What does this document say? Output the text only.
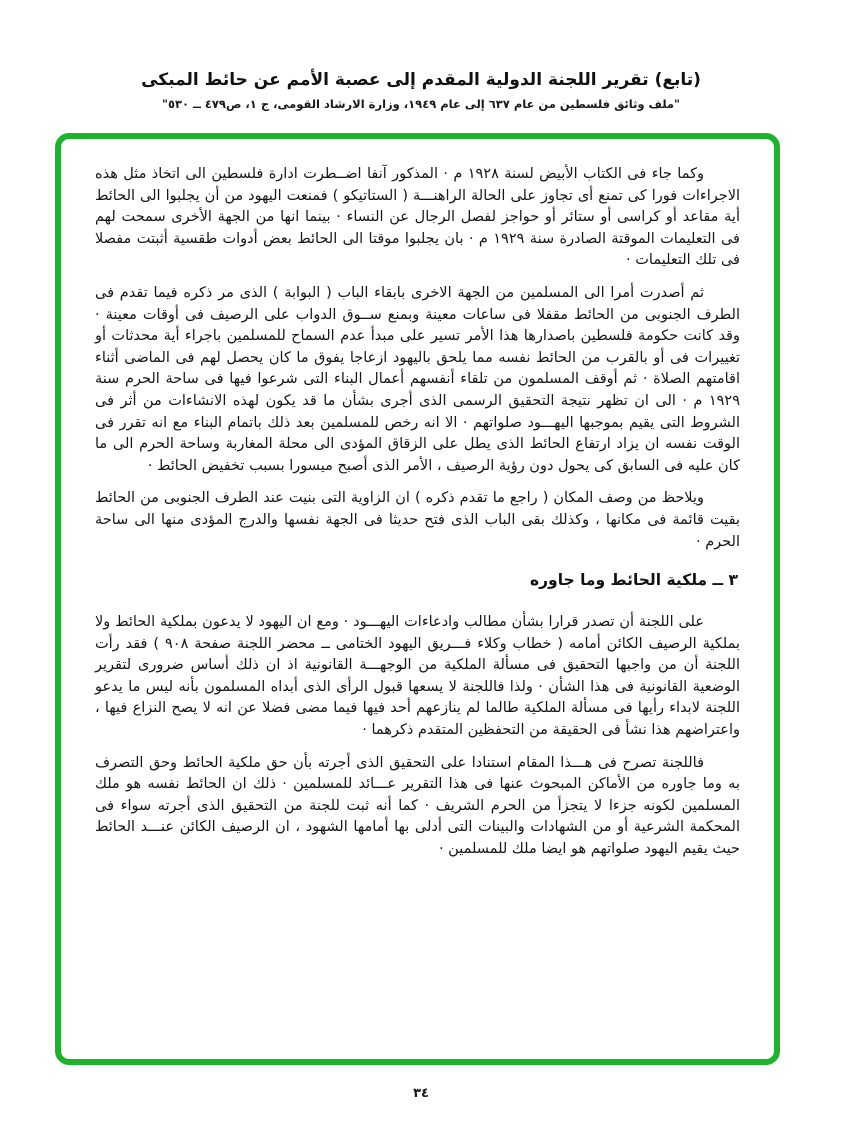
(تابع) تقرير اللجنة الدولية المقدم إلى عصبة الأمم عن حائط المبكى
"ملف وثائق فلسطين من عام ٦٣٧ إلى عام ١٩٤٩، وزارة الارشاد القومى، ج ١، ص٤٧٩ ــ ٥٣٠"

وكما جاء فى الكتاب الأبيض لسنة ١٩٢٨ م · المذكور آنفا اضــطرت ادارة فلسطين الى اتخاذ مثل هذه الاجراءات فورا كى تمنع أى تجاوز على الحالة الراهنـــة ( الستاتيكو ) فمنعت اليهود من أن يجلبوا الى الحائط أية مقاعد أو كراسى أو ستائر أو حواجز لفصل الرجال عن النساء · بينما انها من الجهة الأخرى سمحت لهم فى التعليمات الموقتة الصادرة سنة ١٩٢٩ م · بان يجلبوا موقتا الى الحائط بعض أدوات طقسية أثبتت مفصلا فى تلك التعليمات ·

ثم أصدرت أمرا الى المسلمين من الجهة الاخرى بابقاء الباب ( البوابة ) الذى مر ذكره فيما تقدم فى الطرف الجنوبى من الحائط مقفلا فى ساعات معينة وبمنع ســوق الدواب على الرصيف فى أوقات معينة · وقد كانت حكومة فلسطين باصدارها هذا الأمر تسير على مبدأ عدم السماح للمسلمين باجراء أية محدثات أو تغييرات فى أو بالقرب من الحائط نفسه مما يلحق باليهود ازعاجا يفوق ما كان يحصل لهم فى الماضى أثناء اقامتهم الصلاة · ثم أوقف المسلمون من تلقاء أنفسهم أعمال البناء التى شرعوا فيها فى ساحة الحرم سنة ١٩٢٩ م · الى ان تظهر نتيجة التحقيق الرسمى الذى أجرى بشأن ما قد يكون لهذه الانشاءات من أثر فى الشروط التى يقيم بموجبها اليهـــود صلواتهم · الا انه رخص للمسلمين بعد ذلك باتمام البناء مع انه تقرر فى الوقت نفسه ان يزاد ارتفاع الحائط الذى يطل على الزقاق المؤدى الى محلة المغاربة وساحة الحرم الى ما كان عليه فى السابق كى يحول دون رؤية الرصيف ، الأمر الذى أصبح ميسورا بسبب تخفيض الحائط ·

ويلاحظ من وصف المكان ( راجع ما تقدم ذكره ) ان الزاوية التى بنيت عند الطرف الجنوبى من الحائط بقيت قائمة فى مكانها ، وكذلك بقى الباب الذى فتح حديثا فى الجهة نفسها والدرج المؤدى منها الى ساحة الحرم ·

٣ ــ ملكية الحائط وما جاوره

على اللجنة أن تصدر قرارا بشأن مطالب وادعاءات اليهـــود · ومع ان اليهود لا يدعون بملكية الحائط ولا بملكية الرصيف الكائن أمامه ( خطاب وكلاء فـــريق اليهود الختامى ــ محضر اللجنة صفحة ٩٠٨ ) فقد رأت اللجنة أن من واجبها التحقيق فى مسألة الملكية من الوجهـــة القانونية اذ ان ذلك أساس ضرورى لتقرير الوضعية القانونية فى هذا الشأن · ولذا فاللجنة لا يسعها قبول الرأى الذى أبداه المسلمون بأنه ليس ما يدعو اللجنة لابداء رأيها فى مسألة الملكية طالما لم ينازعهم أحد فيها فيما مضى فضلا عن انه لا يصح النزاع فيها ، واعتراضهم هذا نشأ فى الحقيقة من التحفظين المتقدم ذكرهما ·

فاللجنة تصرح فى هـــذا المقام استنادا على التحقيق الذى أجرته بأن حق ملكية الحائط وحق التصرف به وما جاوره من الأماكن المبحوث عنها فى هذا التقرير عـــائد للمسلمين · ذلك ان الحائط نفسه هو ملك المسلمين لكونه جزءا لا يتجزأ من الحرم الشريف · كما أنه ثبت للجنة من التحقيق الذى أجرته سواء فى المحكمة الشرعية أو من الشهادات والبينات التى أدلى بها أمامها الشهود ، ان الرصيف الكائن عنـــد الحائط حيث يقيم اليهود صلواتهم هو ايضا ملك للمسلمين ·

٣٤
